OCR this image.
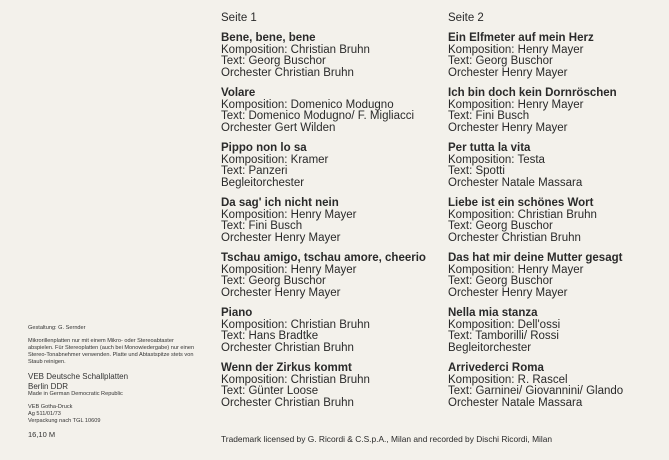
Seite 1
Bene, bene, bene
Komposition: Christian Bruhn
Text: Georg Buschor
Orchester Christian Bruhn
Volare
Komposition: Domenico Modugno
Text: Domenico Modugno/ F. Migliacci
Orchester Gert Wilden
Pippo non lo sa
Komposition: Kramer
Text: Panzeri
Begleitorchester
Da sag' ich nicht nein
Komposition: Henry Mayer
Text: Fini Busch
Orchester Henry Mayer
Tschau amigo, tschau amore, cheerio
Komposition: Henry Mayer
Text: Georg Buschor
Orchester Henry Mayer
Piano
Komposition: Christian Bruhn
Text: Hans Bradtke
Orchester Christian Bruhn
Wenn der Zirkus kommt
Komposition: Christian Bruhn
Text: Günter Loose
Orchester Christian Bruhn
Seite 2
Ein Elfmeter auf mein Herz
Komposition: Henry Mayer
Text: Georg Buschor
Orchester Henry Mayer
Ich bin doch kein Dornröschen
Komposition: Henry Mayer
Text: Fini Busch
Orchester Henry Mayer
Per tutta la vita
Komposition: Testa
Text: Spotti
Orchester Natale Massara
Liebe ist ein schönes Wort
Komposition: Christian Bruhn
Text: Georg Buschor
Orchester Christian Bruhn
Das hat mir deine Mutter gesagt
Komposition: Henry Mayer
Text: Georg Buschor
Orchester Henry Mayer
Nella mia stanza
Komposition: Dell'ossi
Text: Tamborilli/ Rossi
Begleitorchester
Arrivederci Roma
Komposition: R. Rascel
Text: Garninei/ Giovannini/ Glando
Orchester Natale Massara
Gestaltung: G. Sernder
Mikrorillenplatten nur mit einem Mikro- oder Stereoabtaster abspielen. Für Stereoplatten (auch bei Monowiedergabe) nur einen Stereo-Tonabnehmer verwenden. Platte und Abtastspitze stets von Staub reinigen.
VEB Deutsche Schallplatten
Berlin DDR
Made in German Democratic Republic
VEB Gotha-Druck
Ag 511/01/73
Verpackung nach TGL 10609
16,10 M	Trademark licensed by G. Ricordi & C.S.p.A., Milan and recorded by Dischi Ricordi, Milan
